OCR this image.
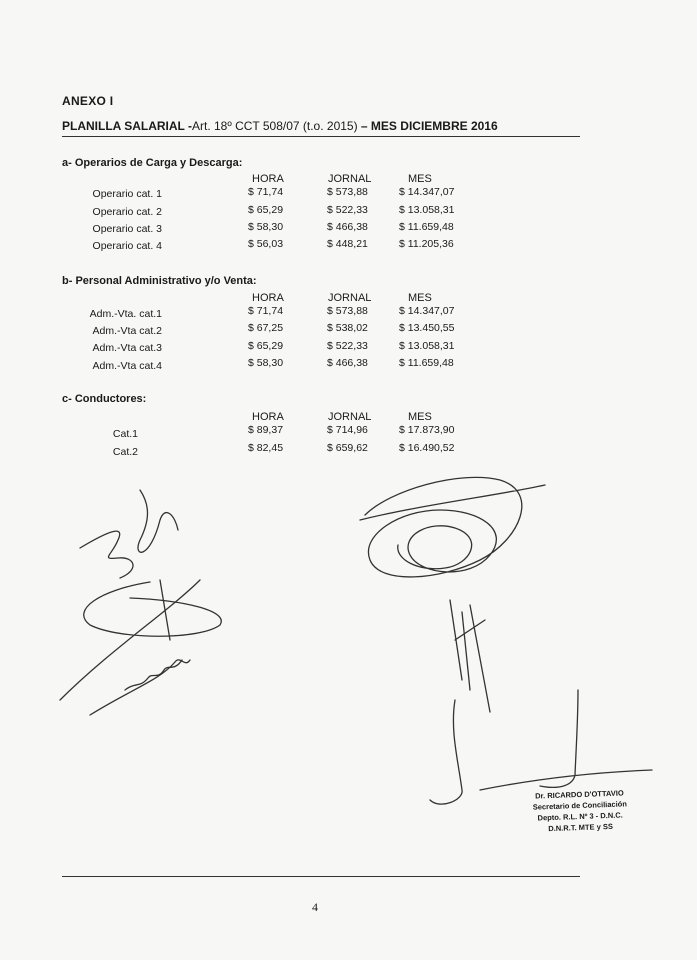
ANEXO I
PLANILLA SALARIAL -Art. 18º CCT 508/07 (t.o. 2015) – MES DICIEMBRE 2016
a- Operarios de Carga y Descarga:
HORA	JORNAL	MES
Operario cat. 1	$ 71,74	$ 573,88	$ 14.347,07
Operario cat. 2	$ 65,29	$ 522,33	$ 13.058,31
Operario cat. 3	$ 58,30	$ 466,38	$ 11.659,48
Operario cat. 4	$ 56,03	$ 448,21	$ 11.205,36
b- Personal Administrativo y/o Venta:
HORA	JORNAL	MES
Adm.-Vta. cat.1	$ 71,74	$ 573,88	$ 14.347,07
Adm.-Vta cat.2	$ 67,25	$ 538,02	$ 13.450,55
Adm.-Vta cat.3	$ 65,29	$ 522,33	$ 13.058,31
Adm.-Vta cat.4	$ 58,30	$ 466,38	$ 11.659,48
c- Conductores:
HORA	JORNAL	MES
Cat.1	$ 89,37	$ 714,96	$ 17.873,90
Cat.2	$ 82,45	$ 659,62	$ 16.490,52
Dr. RICARDO D'OTTAVIO
Secretario de Conciliación
Depto. R.L. Nº 3 - D.N.C.
D.N.R.T. MTE y SS
4
